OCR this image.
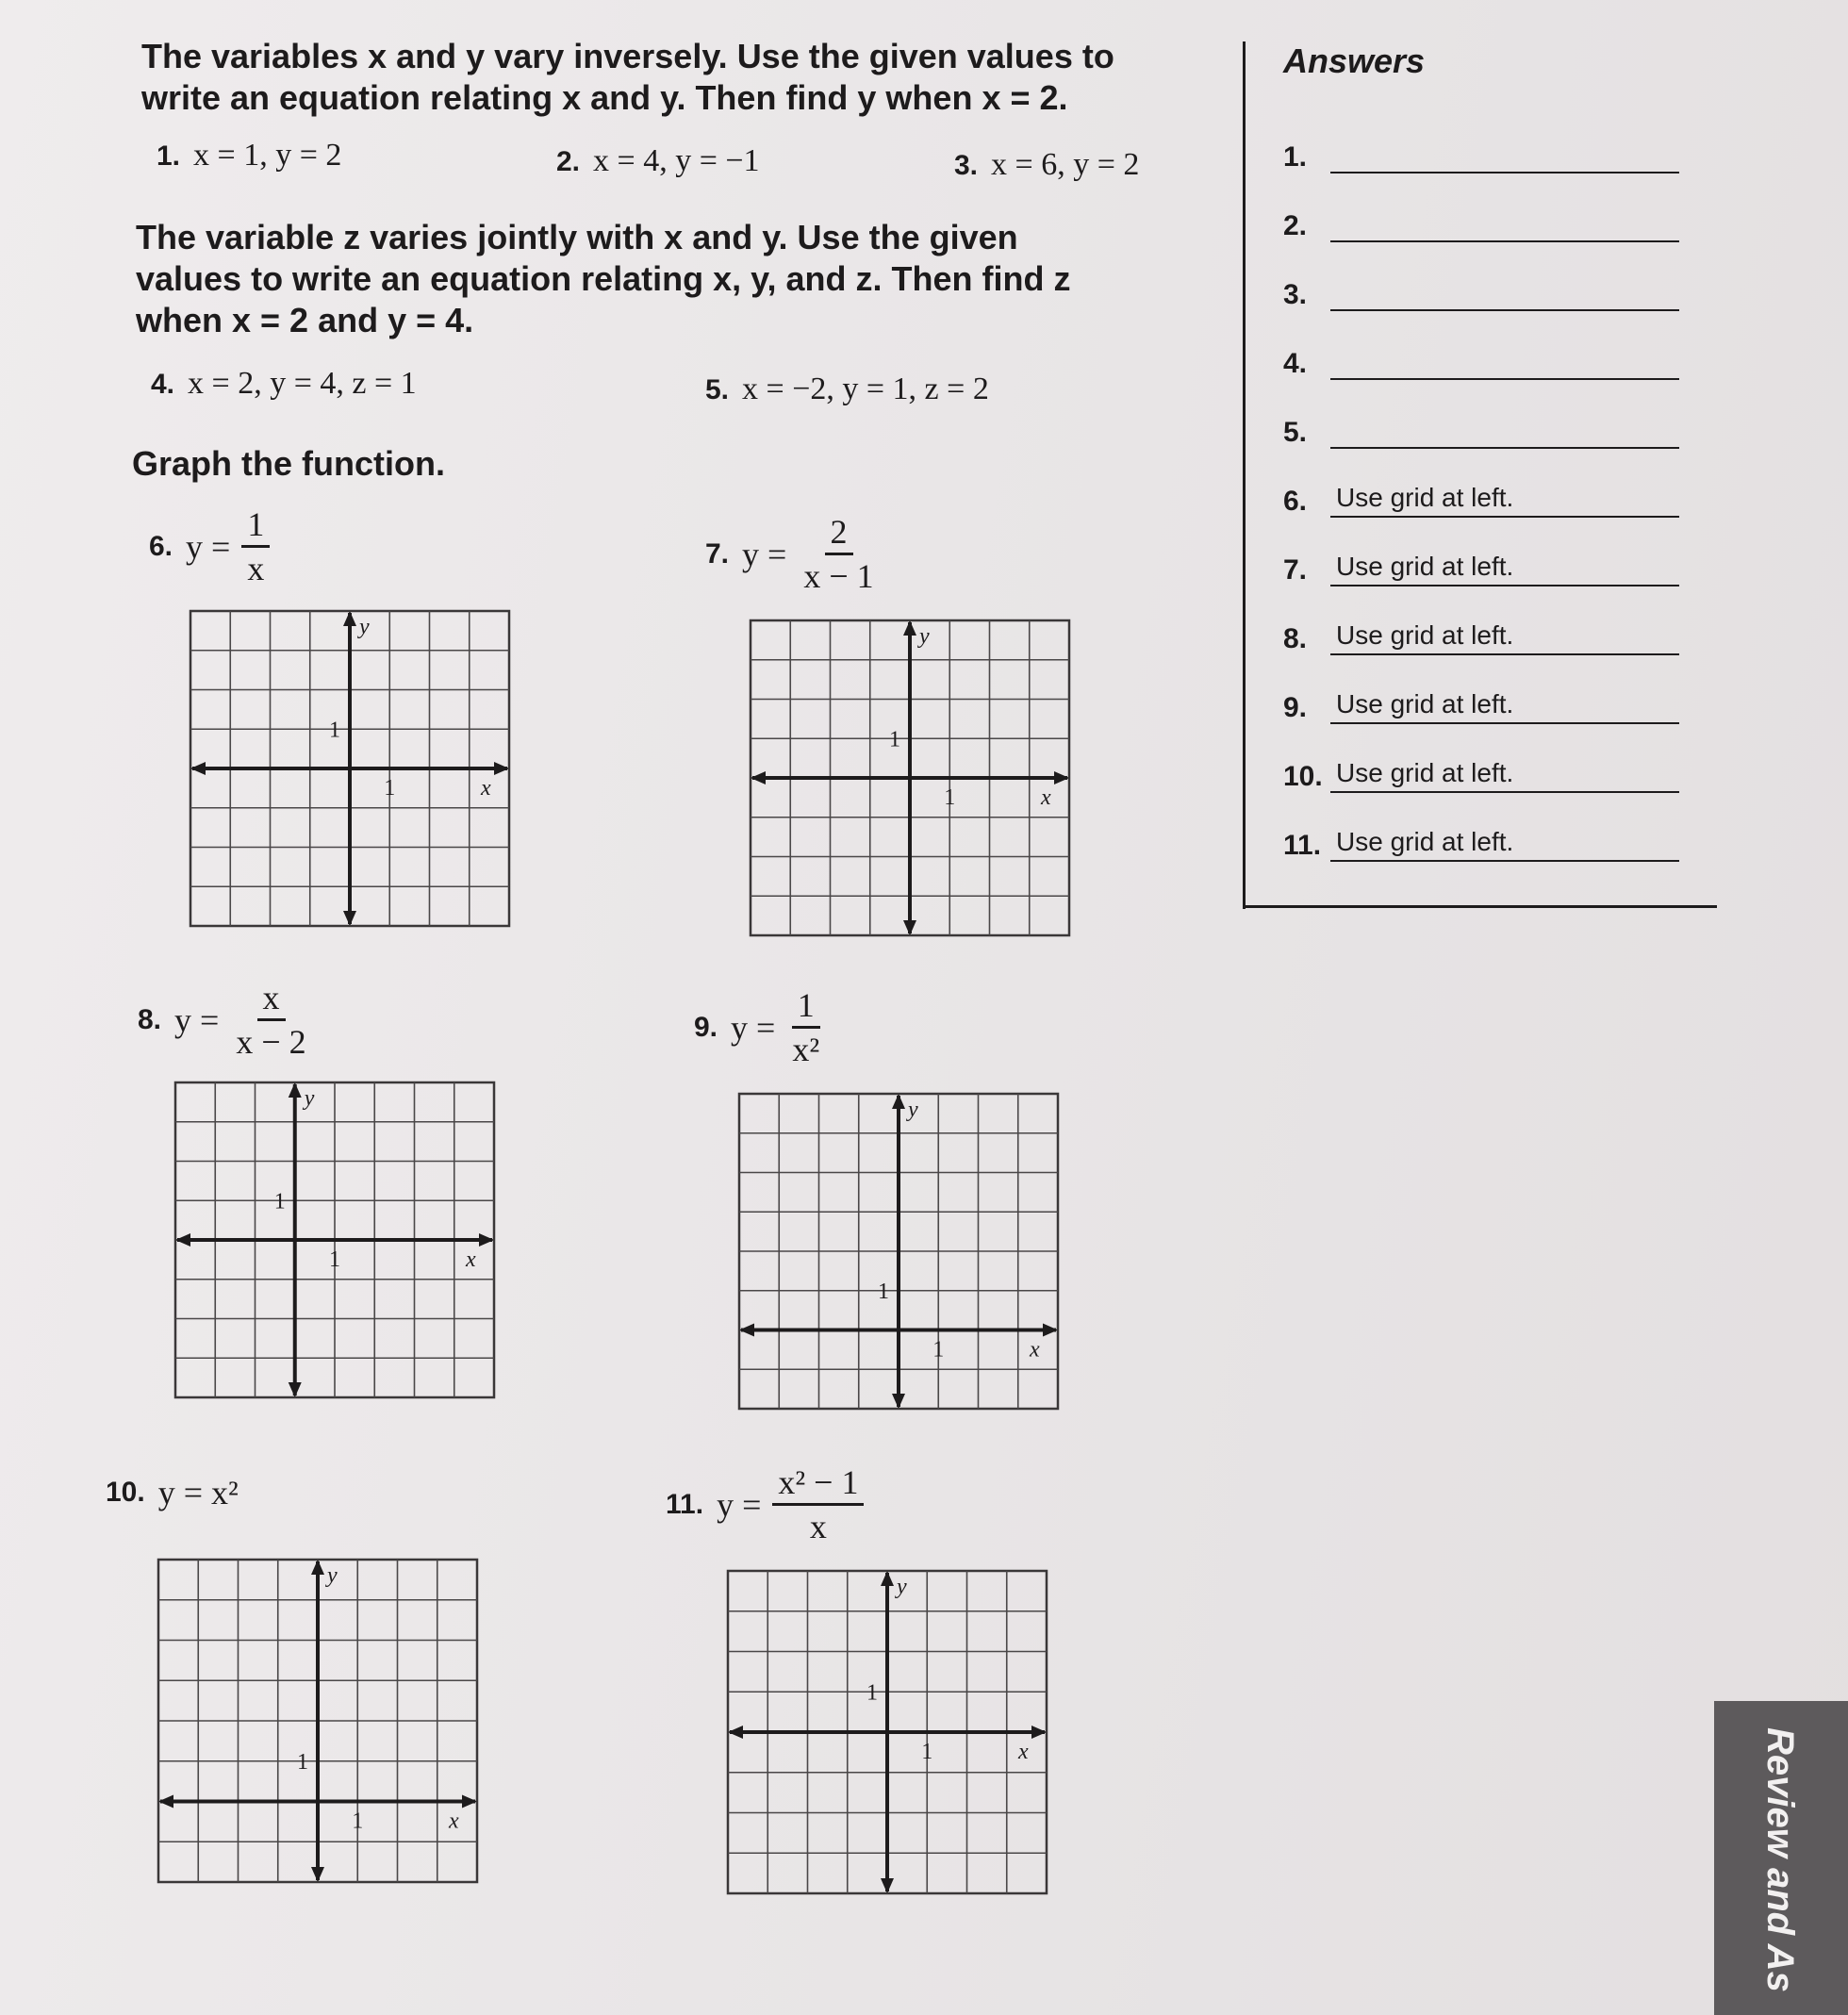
The variables x and y vary inversely. Use the given values to
write an equation relating x and y. Then find y when x = 2.
1. x = 1, y = 2	2. x = 4, y = −1	3. x = 6, y = 2
The variable z varies jointly with x and y. Use the given
values to write an equation relating x, y, and z. Then find z
when x = 2 and y = 4.
4. x = 2, y = 4, z = 1	5. x = −2, y = 1, z = 2
Graph the function.
6. $y = \frac{1}{x}$	7. $y = \frac{2}{x - 1}$
8. $y = \frac{x}{x - 2}$	9. $y = \frac{1}{\text{x²}}$
10. y = x²	11. $y = \frac{\text{x² − 1}}{x}$
y
x
1
1
y
x
1
1
y
x
1
1
y
x
1
1
y
x
1
1
y
x
1
1
Answers
1.
2.
3.
4.
5.
6.	Use grid at left.
7.	Use grid at left.
8.	Use grid at left.
9.	Use grid at left.
10. Use grid at left.
11. Use grid at left.
Review and As
